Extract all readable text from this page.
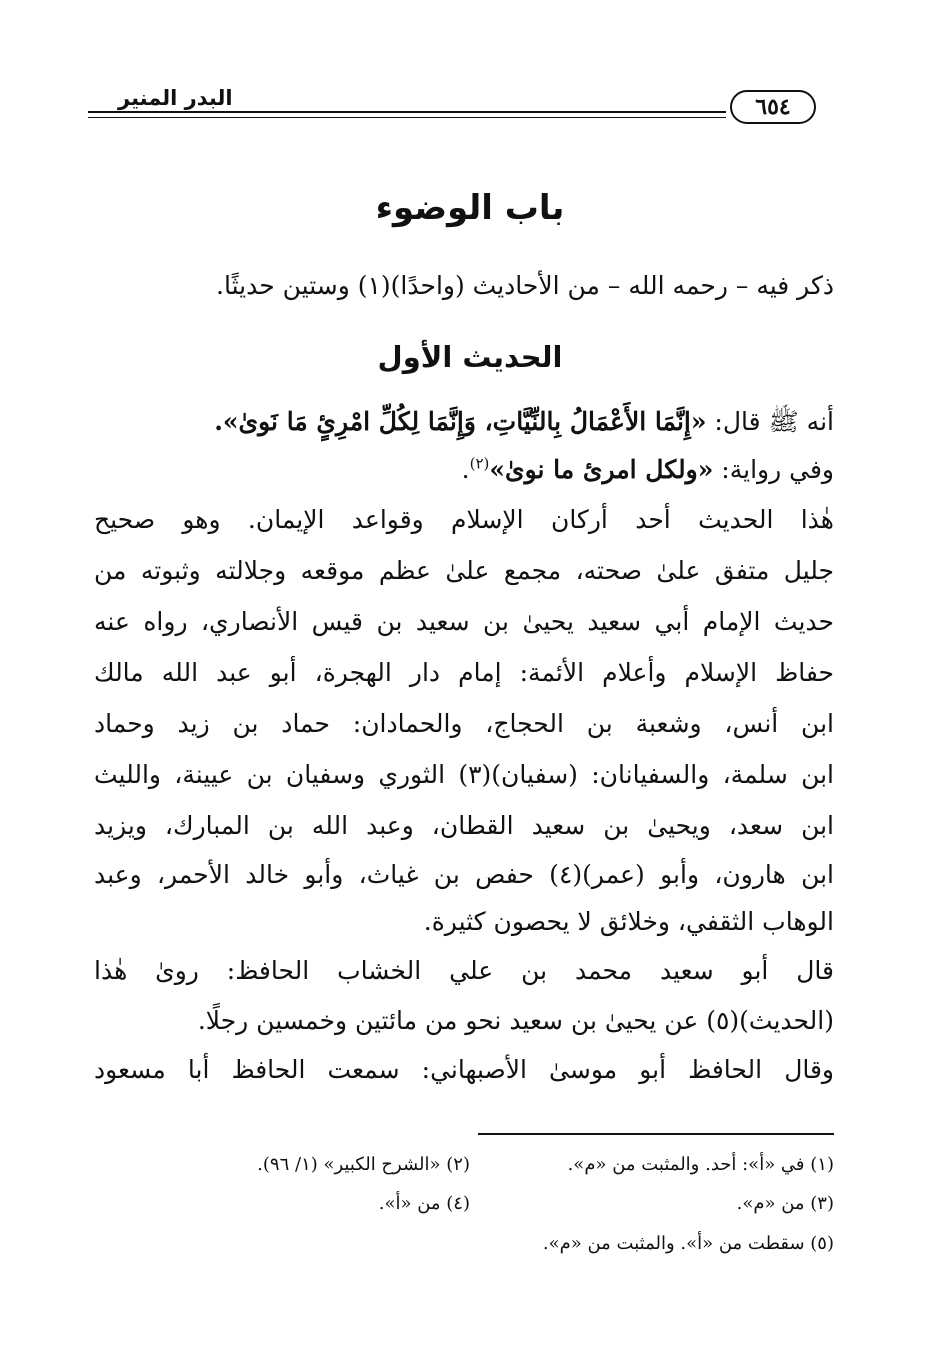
البدر المنير	٦٥٤
باب الوضوء
ذكر فيه – رحمه الله – من الأحاديث (واحدًا)(١) وستين حديثًا.
الحديث الأول
أنه ﷺ قال: «إِنَّمَا الأَعْمَالُ بِالنِّيَّاتِ، وَإِنَّمَا لِكُلِّ امْرِئٍ مَا نَوىٰ».
وفي رواية: «ولكل امرئ ما نوىٰ»$^{(٢)}$.
هٰذا الحديث أحد أركان الإسلام وقواعد الإيمان. وهو صحيح
جليل متفق علىٰ صحته، مجمع علىٰ عظم موقعه وجلالته وثبوته من
حديث الإمام أبي سعيد يحيىٰ بن سعيد بن قيس الأنصاري، رواه عنه
حفاظ الإسلام وأعلام الأئمة: إمام دار الهجرة، أبو عبد الله مالك
ابن أنس، وشعبة بن الحجاج، والحمادان: حماد بن زيد وحماد
ابن سلمة، والسفيانان: (سفيان)(٣) الثوري وسفيان بن عيينة، والليث
ابن سعد، ويحيىٰ بن سعيد القطان، وعبد الله بن المبارك، ويزيد
ابن هارون، وأبو (عمر)(٤) حفص بن غياث، وأبو خالد الأحمر، وعبد
الوهاب الثقفي، وخلائق لا يحصون كثيرة.
قال أبو سعيد محمد بن علي الخشاب الحافظ: روىٰ هٰذا
(الحديث)(٥) عن يحيىٰ بن سعيد نحو من مائتين وخمسين رجلًا.
وقال الحافظ أبو موسىٰ الأصبهاني: سمعت الحافظ أبا مسعود
(١) في «أ»: أحد. والمثبت من «م».
(٢) «الشرح الكبير» (١/ ٩٦).
(٣) من «م».
(٤) من «أ».
(٥) سقطت من «أ». والمثبت من «م».
